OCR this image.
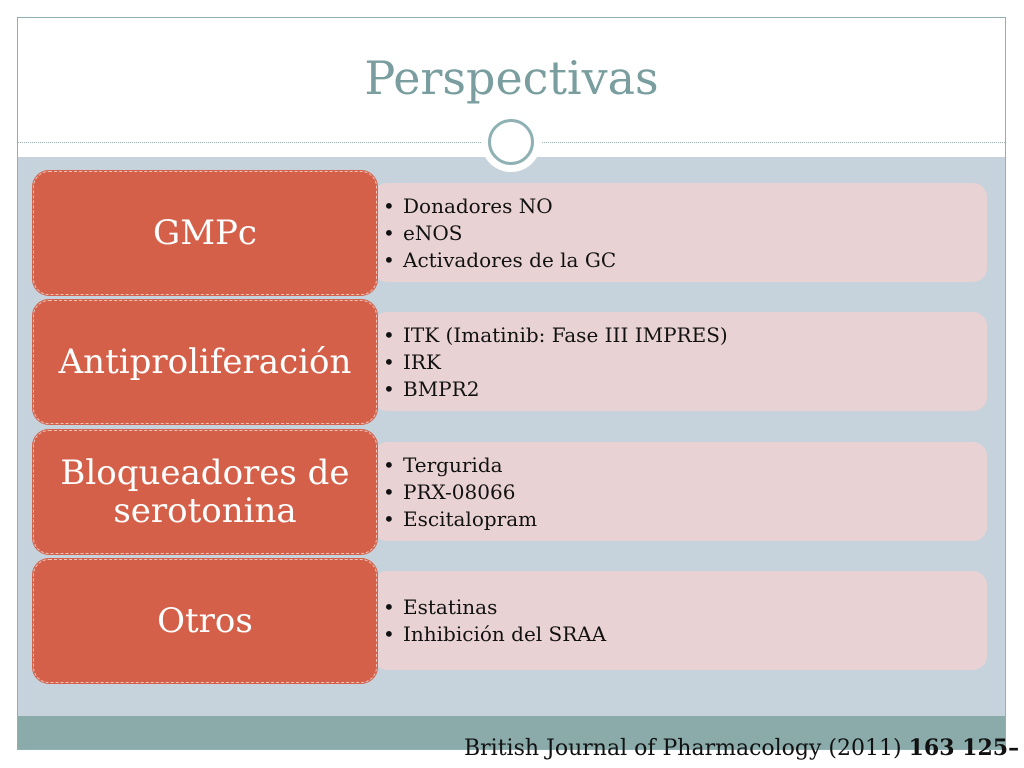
Perspectivas
• Donadores NO
• eNOS
• Activadores de la GC
GMPc
• ITK (Imatinib: Fase III IMPRES)
• IRK
• BMPR2
Antiproliferación
• Tergurida
• PRX-08066
• Escitalopram
Bloqueadores de serotonina
• Estatinas
• Inhibición del SRAA
Otros
British Journal of Pharmacology (2011) 163 125–
